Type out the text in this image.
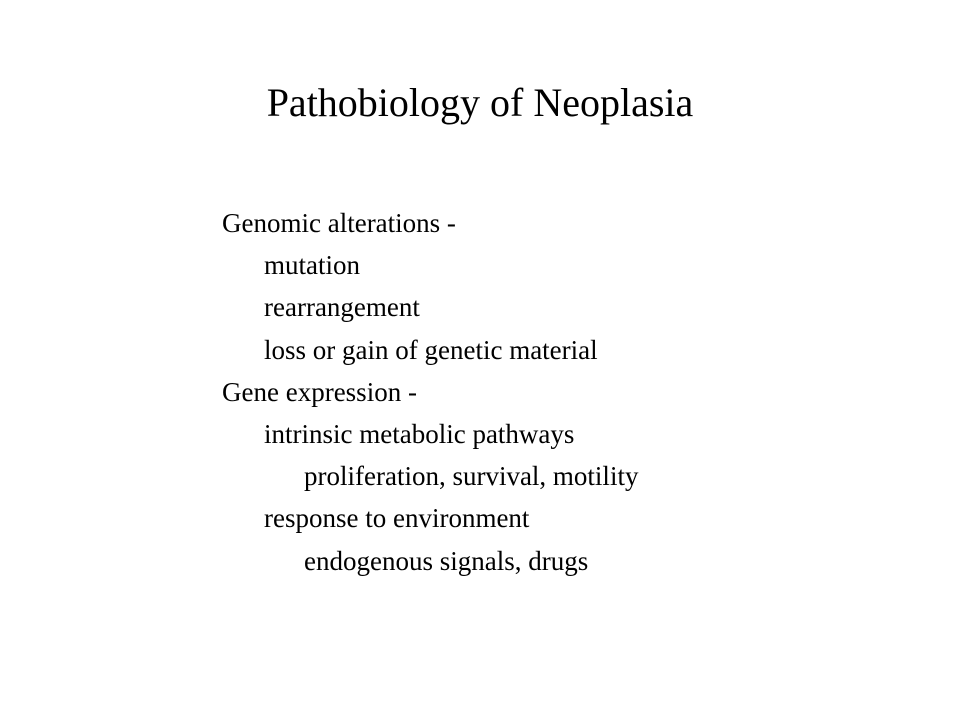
Pathobiology of Neoplasia
Genomic alterations -
mutation
rearrangement
loss or gain of genetic material
Gene expression -
intrinsic metabolic pathways
proliferation, survival, motility
response to environment
endogenous signals, drugs
